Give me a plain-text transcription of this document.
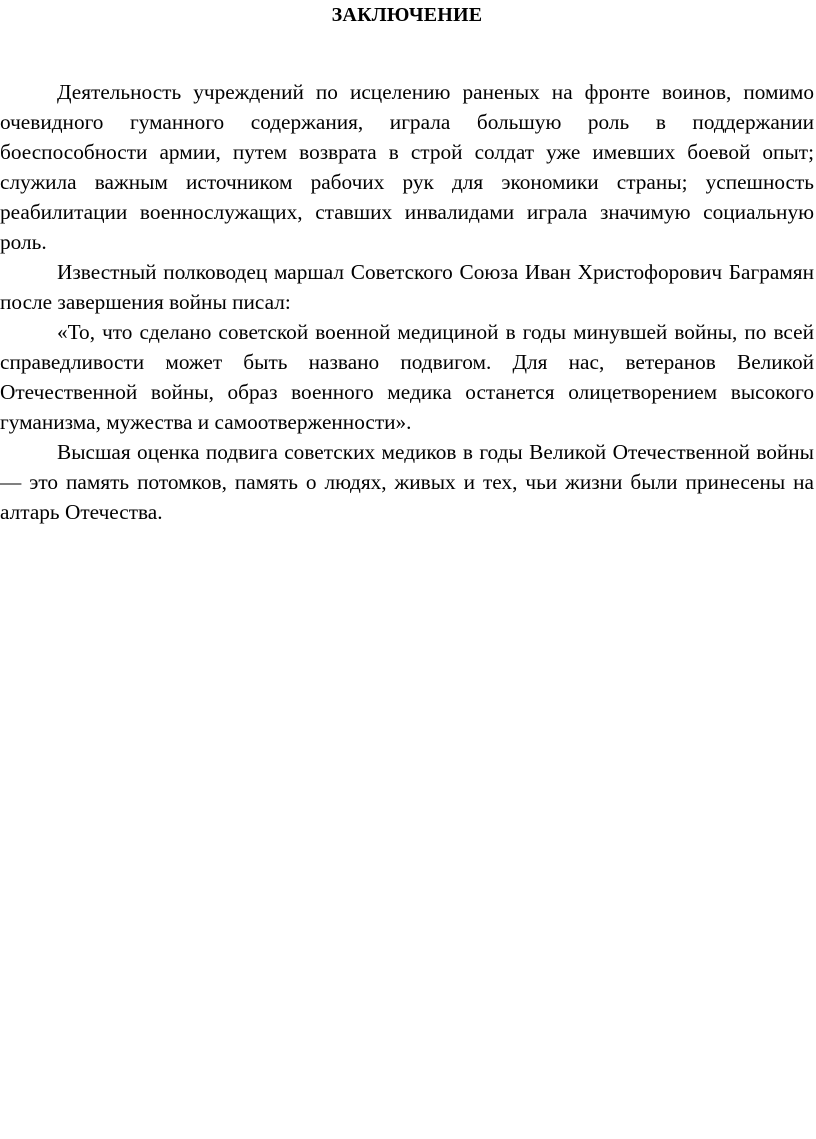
ЗАКЛЮЧЕНИЕ

Деятельность учреждений по исцелению раненых на фронте воинов, помимо очевидного гуманного содержания, играла большую роль в поддержании боеспособности армии, путем возврата в строй солдат уже имевших боевой опыт; служила важным источником рабочих рук для экономики страны; успешность реабилитации военнослужащих, ставших инвалидами играла значимую социальную роль.

Известный полководец маршал Советского Союза Иван Христофорович Баграмян после завершения войны писал:

«То, что сделано советской военной медициной в годы минувшей войны, по всей справедливости может быть названо подвигом. Для нас, ветеранов Великой Отечественной войны, образ военного медика останется олицетворением высокого гуманизма, мужества и самоотверженности».

Высшая оценка подвига советских медиков в годы Великой Отечественной войны — это память потомков, память о людях, живых и тех, чьи жизни были принесены на алтарь Отечества.
